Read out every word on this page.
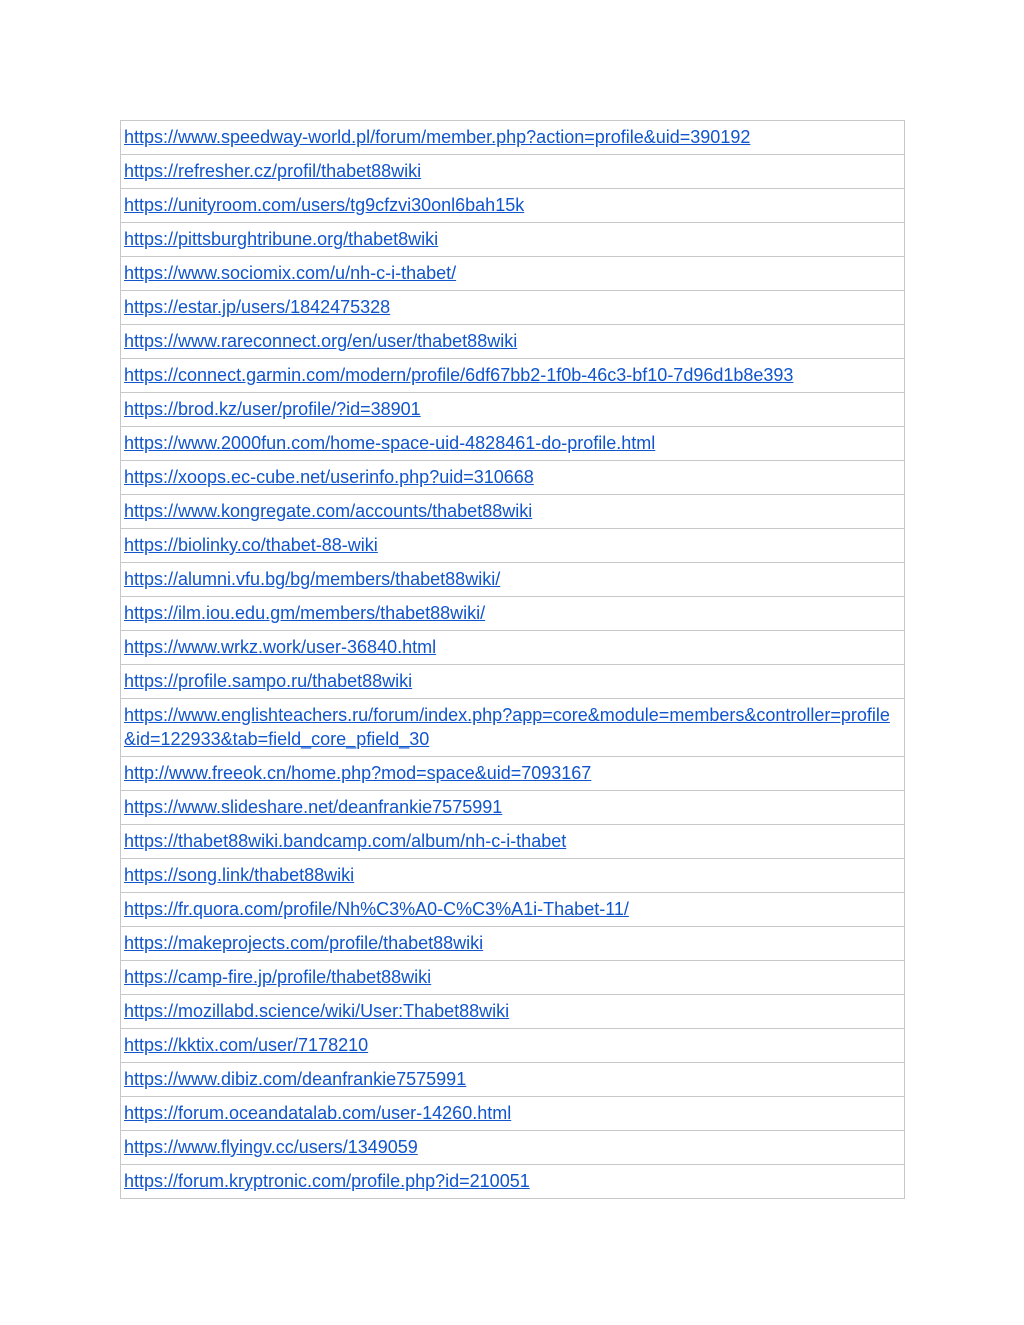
https://www.speedway-world.pl/forum/member.php?action=profile&uid=390192
https://refresher.cz/profil/thabet88wiki
https://unityroom.com/users/tg9cfzvi30onl6bah15k
https://pittsburghtribune.org/thabet8wiki
https://www.sociomix.com/u/nh-c-i-thabet/
https://estar.jp/users/1842475328
https://www.rareconnect.org/en/user/thabet88wiki
https://connect.garmin.com/modern/profile/6df67bb2-1f0b-46c3-bf10-7d96d1b8e393
https://brod.kz/user/profile/?id=38901
https://www.2000fun.com/home-space-uid-4828461-do-profile.html
https://xoops.ec-cube.net/userinfo.php?uid=310668
https://www.kongregate.com/accounts/thabet88wiki
https://biolinky.co/thabet-88-wiki
https://alumni.vfu.bg/bg/members/thabet88wiki/
https://ilm.iou.edu.gm/members/thabet88wiki/
https://www.wrkz.work/user-36840.html
https://profile.sampo.ru/thabet88wiki
https://www.englishteachers.ru/forum/index.php?app=core&module=members&controller=profile&id=122933&tab=field_core_pfield_30
http://www.freeok.cn/home.php?mod=space&uid=7093167
https://www.slideshare.net/deanfrankie7575991
https://thabet88wiki.bandcamp.com/album/nh-c-i-thabet
https://song.link/thabet88wiki
https://fr.quora.com/profile/Nh%C3%A0-C%C3%A1i-Thabet-11/
https://makeprojects.com/profile/thabet88wiki
https://camp-fire.jp/profile/thabet88wiki
https://mozillabd.science/wiki/User:Thabet88wiki
https://kktix.com/user/7178210
https://www.dibiz.com/deanfrankie7575991
https://forum.oceandatalab.com/user-14260.html
https://www.flyingv.cc/users/1349059
https://forum.kryptronic.com/profile.php?id=210051
